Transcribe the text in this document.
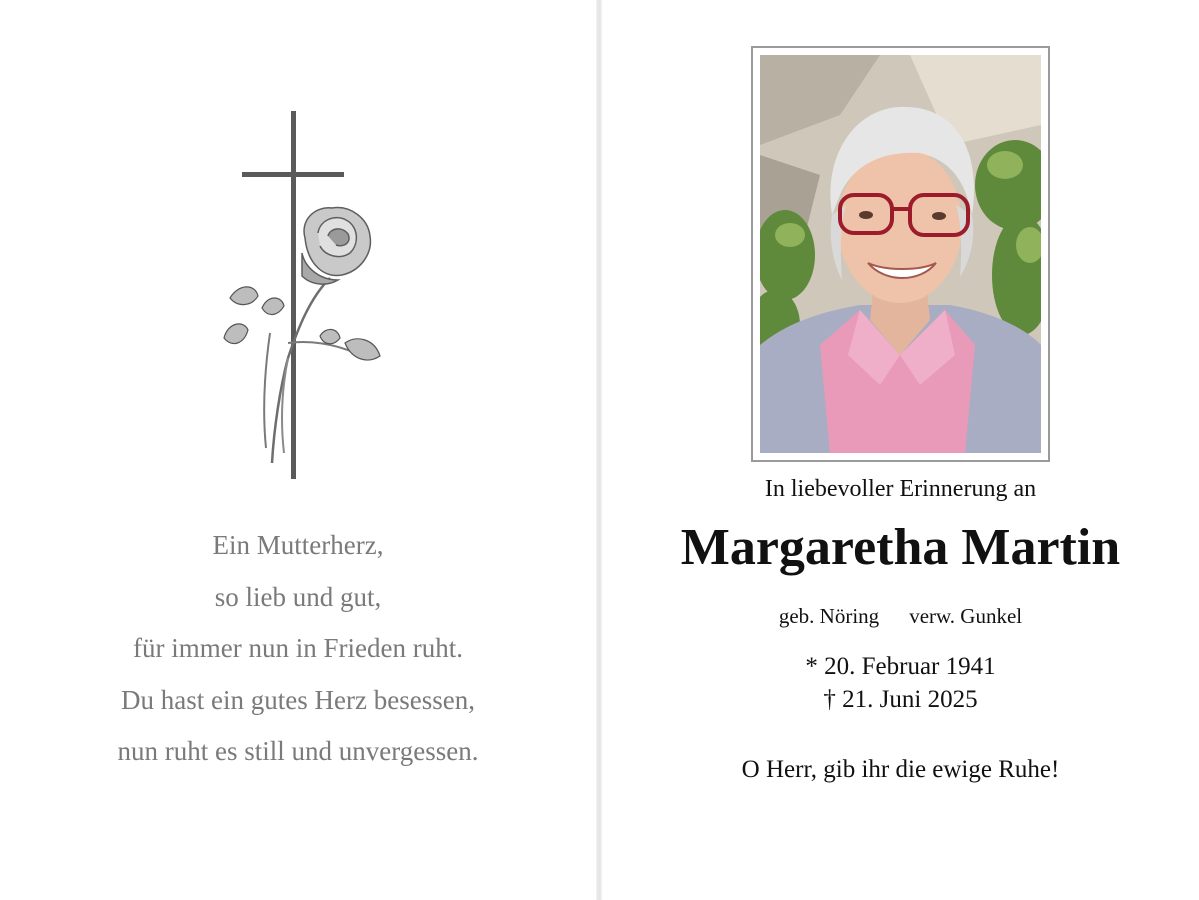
Ein Mutterherz,
so lieb und gut,
für immer nun in Frieden ruht.
Du hast ein gutes Herz besessen,
nun ruht es still und unvergessen.
In liebevoller Erinnerung an
Margaretha Martin
geb. Nöring verw. Gunkel
* 20. Februar 1941
† 21. Juni 2025
O Herr, gib ihr die ewige Ruhe!
